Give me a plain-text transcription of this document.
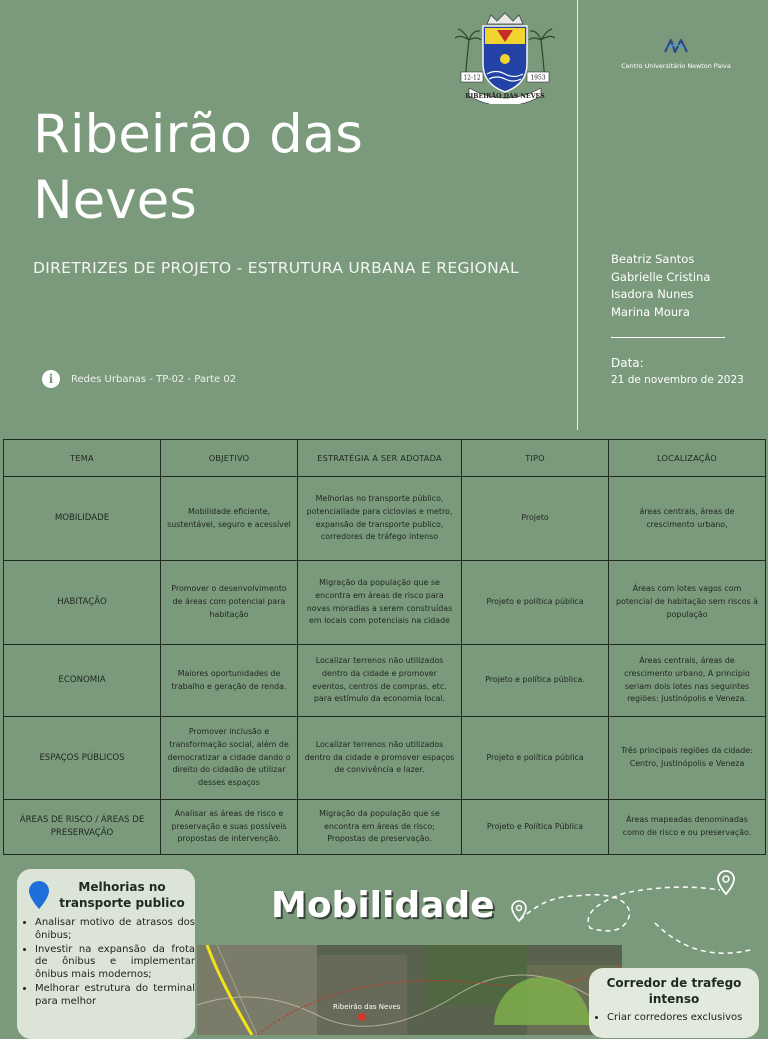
Ribeirão das Neves
DIRETRIZES DE PROJETO - ESTRUTURA URBANA E REGIONAL
i	Redes Urbanas - TP-02 - Parte 02
12-12	1953
RIBEIRÃO DAS NEVES
Centro Universitário Newton Paiva
Beatriz Santos
Gabrielle Cristina
Isadora Nunes
Marina Moura
Data:
21 de novembro de 2023
TEMA	OBJETIVO	ESTRATÉGIA A SER ADOTADA	TIPO	LOCALIZAÇÃO
MOBILIDADE	Mobilidade eficiente, sustentável, seguro e acessível	Melhorias no transporte público, potencialiade para ciclovias e metro, expansão de transporte publico, corredores de tráfego intenso	Projeto	áreas centrais, áreas de crescimento urbano,
HABITAÇÃO	Promover o desenvolvimento de áreas com potencial para habitação	Migração da população que se encontra em áreas de risco para novas moradias a serem construídas em locais com potenciais na cidade	Projeto e política pública	Áreas com lotes vagos com potencial de habitação sem riscos à população
ECONOMIA	Maiores oportunidades de trabalho e geração de renda.	Localizar terrenos não utilizados dentro da cidade e promover eventos, centros de compras, etc. para estímulo da economia local.	Projeto e política pública.	Áreas centrais, áreas de crescimento urbano, A princípio seriam dois lotes nas seguintes regiões: Justinópolis e Veneza.
ESPAÇOS PÚBLICOS	Promover inclusão e transformação social, além de democratizar a cidade dando o direito do cidadão de utilizar desses espaços	Localizar terrenos não utilizados dentro da cidade e promover espaços de convivência e lazer.	Projeto e política pública	Três principais regiões da cidade: Centro, Justinópolis e Veneza
ÁREAS DE RISCO / ÁREAS DE PRESERVAÇÃO	Analisar as áreas de risco e preservação e suas possíveis propostas de intervenção.	Migração da população que se encontra em áreas de risco; Propostas de preservação.	Projeto e Política Pública	Áreas mapeadas denominadas como de risco e ou preservação.
Ribeirão das Neves
Mobilidade
Melhorias no transporte publico
• Analisar motivo de atrasos dos ônibus;
• Investir na expansão da frota de ônibus e implementar ônibus mais modernos;
• Melhorar estrutura do terminal para melhor
Corredor de trafego intenso
• Criar corredores exclusivos
